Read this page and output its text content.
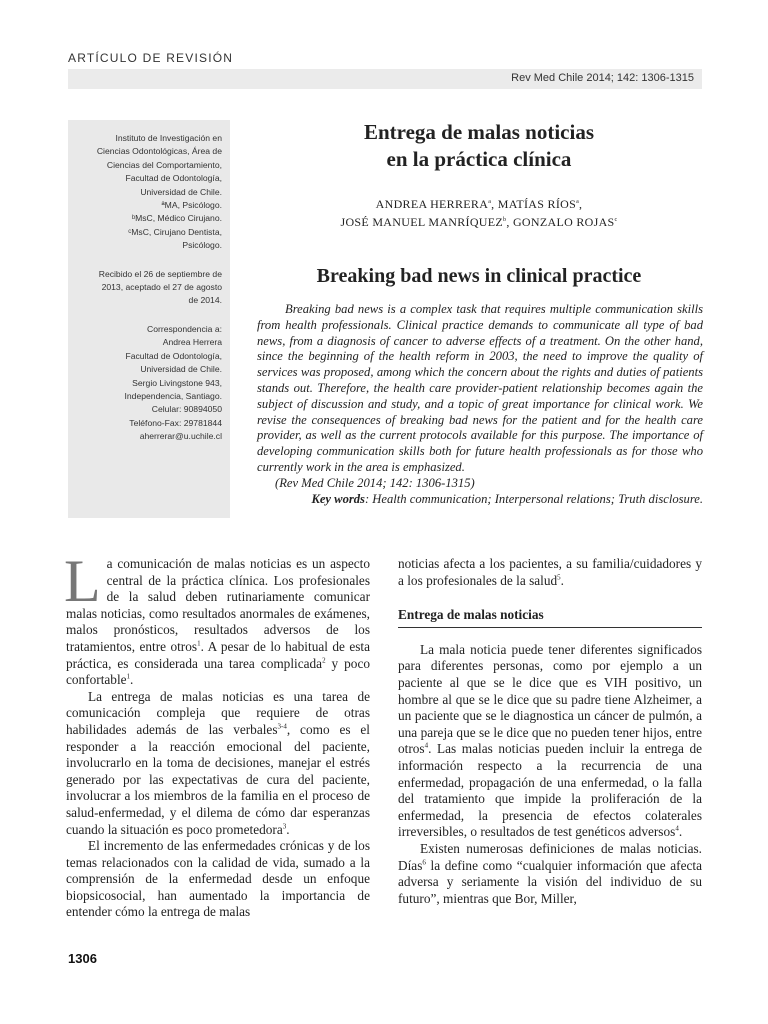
ARTÍCULO DE REVISIÓN
Rev Med Chile 2014; 142: 1306-1315
Instituto de Investigación en
Ciencias Odontológicas, Área de
Ciencias del Comportamiento,
Facultad de Odontología,
Universidad de Chile.
ªMA, Psicólogo.
ᵇMsC, Médico Cirujano.
ᶜMsC, Cirujano Dentista,
Psicólogo.
Recibido el 26 de septiembre de
2013, aceptado el 27 de agosto
de 2014.
Correspondencia a:
Andrea Herrera
Facultad de Odontología,
Universidad de Chile.
Sergio Livingstone 943,
Independencia, Santiago.
Celular: 90894050
Teléfono-Fax: 29781844
aherrerar@u.uchile.cl
Entrega de malas noticias
en la práctica clínica
ANDREA HERRERA$^a$, MATÍAS RÍOS$^a$,
JOSÉ MANUEL MANRÍQUEZ$^b$, GONZALO ROJAS$^c$
Breaking bad news in clinical practice

Breaking bad news is a complex task that requires multiple communication skills from health professionals. Clinical practice demands to communicate all type of bad news, from a diagnosis of cancer to adverse effects of a treatment. On the other hand, since the beginning of the health reform in 2003, the need to improve the quality of services was proposed, among which the concern about the rights and duties of patients stands out. Therefore, the health care provider-patient relationship becomes again the subject of discussion and study, and a topic of great importance for clinical work. We revise the consequences of breaking bad news for the patient and for the health care provider, as well as the current protocols available for this purpose. The importance of developing communication skills both for future health professionals as for those who currently work in the area is emphasized.

(Rev Med Chile 2014; 142: 1306-1315)

Key words: Health communication; Interpersonal relations; Truth disclosure.

La comunicación de malas noticias es un aspecto central de la práctica clínica. Los profesionales de la salud deben rutinariamente comunicar malas noticias, como resultados anormales de exámenes, malos pronósticos, resultados adversos de los tratamientos, entre otros$^1$. A pesar de lo habitual de esta práctica, es considerada una tarea complicada$^2$ y poco confortable$^1$.

La entrega de malas noticias es una tarea de comunicación compleja que requiere de otras habilidades además de las verbales$^{3-4}$, como es el responder a la reacción emocional del paciente, involucrarlo en la toma de decisiones, manejar el estrés generado por las expectativas de cura del paciente, involucrar a los miembros de la familia en el proceso de salud-enfermedad, y el dilema de cómo dar esperanzas cuando la situación es poco prometedora$^3$.

El incremento de las enfermedades crónicas y de los temas relacionados con la calidad de vida, sumado a la comprensión de la enfermedad desde un enfoque biopsicosocial, han aumentado la importancia de entender cómo la entrega de malas

noticias afecta a los pacientes, a su familia/cuidadores y a los profesionales de la salud$^5$.

Entrega de malas noticias

La mala noticia puede tener diferentes significados para diferentes personas, como por ejemplo a un paciente al que se le dice que es VIH positivo, un hombre al que se le dice que su padre tiene Alzheimer, a un paciente que se le diagnostica un cáncer de pulmón, a una pareja que se le dice que no pueden tener hijos, entre otros$^4$. Las malas noticias pueden incluir la entrega de información respecto a la recurrencia de una enfermedad, propagación de una enfermedad, o la falla del tratamiento que impide la proliferación de la enfermedad, la presencia de efectos colaterales irreversibles, o resultados de test genéticos adversos$^4$.

Existen numerosas definiciones de malas noticias. Días$^6$ la define como “cualquier información que afecta adversa y seriamente la visión del individuo de su futuro”, mientras que Bor, Miller,

1306
